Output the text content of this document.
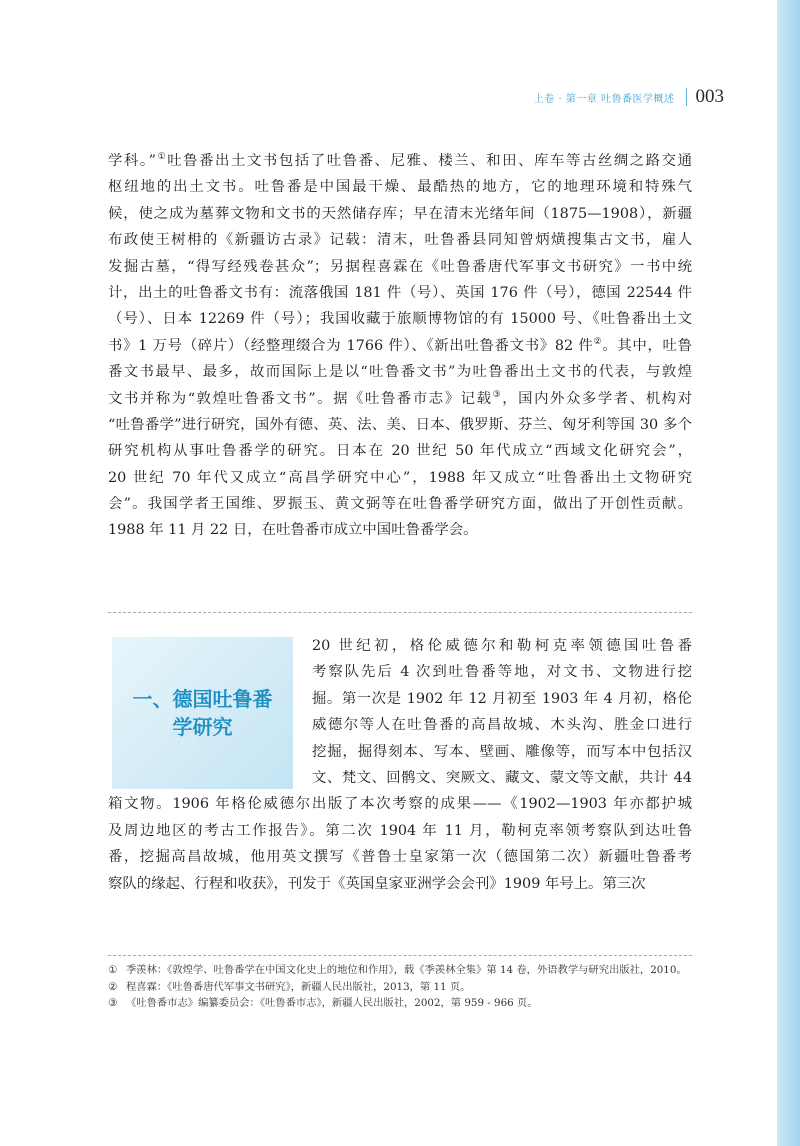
上卷 · 第一章 吐鲁番医学概述 003
学科。”①吐鲁番出土文书包括了吐鲁番、尼雅、楼兰、和田、库车等古丝绸之路交通
枢纽地的出土文书。吐鲁番是中国最干燥、最酷热的地方，它的地理环境和特殊气
候，使之成为墓葬文物和文书的天然储存库；早在清末光绪年间（1875—1908），新疆
布政使王树枏的《新疆访古录》记载：清末，吐鲁番县同知曾炳熿搜集古文书，雇人
发掘古墓，“得写经残卷甚众”；另据程喜霖在《吐鲁番唐代军事文书研究》一书中统
计，出土的吐鲁番文书有：流落俄国 181 件（号）、英国 176 件（号），德国 22544 件
（号）、日本 12269 件（号）；我国收藏于旅顺博物馆的有 15000 号、《吐鲁番出土文
书》1 万号（碎片）（经整理缀合为 1766 件）、《新出吐鲁番文书》82 件②。其中，吐鲁
番文书最早、最多，故而国际上是以“吐鲁番文书”为吐鲁番出土文书的代表，与敦煌
文书并称为“敦煌吐鲁番文书”。据《吐鲁番市志》记载③，国内外众多学者、机构对
“吐鲁番学”进行研究，国外有德、英、法、美、日本、俄罗斯、芬兰、匈牙利等国 30 多个
研究机构从事吐鲁番学的研究。日本在 20 世纪 50 年代成立“西域文化研究会”，
20 世纪 70 年代又成立“高昌学研究中心”，1988 年又成立“吐鲁番出土文物研究
会”。我国学者王国维、罗振玉、黄文弼等在吐鲁番学研究方面，做出了开创性贡献。
1988 年 11 月 22 日，在吐鲁番市成立中国吐鲁番学会。
一、德国吐鲁番
学研究
20 世纪初，格伦威德尔和勒柯克率领德国吐鲁番
考察队先后 4 次到吐鲁番等地，对文书、文物进行挖
掘。第一次是 1902 年 12 月初至 1903 年 4 月初，格伦
威德尔等人在吐鲁番的高昌故城、木头沟、胜金口进行
挖掘，掘得刻本、写本、壁画、雕像等，而写本中包括汉
文、梵文、回鹘文、突厥文、藏文、蒙文等文献，共计 44
箱文物。1906 年格伦威德尔出版了本次考察的成果——《1902—1903 年亦都护城
及周边地区的考古工作报告》。第二次 1904 年 11 月，勒柯克率领考察队到达吐鲁
番，挖掘高昌故城，他用英文撰写《普鲁士皇家第一次（德国第二次）新疆吐鲁番考
察队的缘起、行程和收获》，刊发于《英国皇家亚洲学会会刊》1909 年号上。第三次
① 季羡林：《敦煌学、吐鲁番学在中国文化史上的地位和作用》，载《季羡林全集》第 14 卷，外语教学与研究出版社，2010。
② 程喜霖：《吐鲁番唐代军事文书研究》，新疆人民出版社，2013，第 11 页。
③ 《吐鲁番市志》编纂委员会：《吐鲁番市志》，新疆人民出版社，2002，第 959 - 966 页。
